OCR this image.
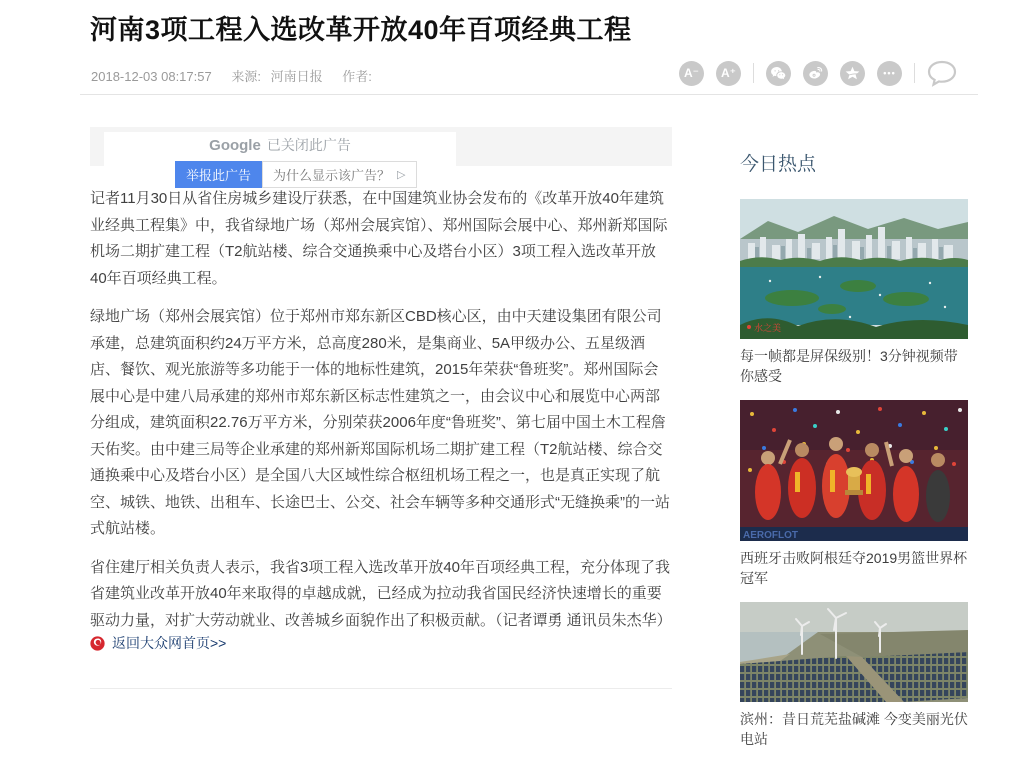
河南3项工程入选改革开放40年百项经典工程
2018-12-03 08:17:57 来源: 河南日报 作者:	A⁻	A⁺	•••
Google 已关闭此广告
举报此广告	为什么显示该广告？ ▷

记者11月30日从省住房城乡建设厅获悉，在中国建筑业协会发布的《改革开放40年建筑业经典工程集》中，我省绿地广场（郑州会展宾馆）、郑州国际会展中心、郑州新郑国际机场二期扩建工程（T2航站楼、综合交通换乘中心及塔台小区）3项工程入选改革开放40年百项经典工程。

绿地广场（郑州会展宾馆）位于郑州市郑东新区CBD核心区，由中天建设集团有限公司承建，总建筑面积约24万平方米，总高度280米，是集商业、5A甲级办公、五星级酒店、餐饮、观光旅游等多功能于一体的地标性建筑，2015年荣获“鲁班奖”。郑州国际会展中心是中建八局承建的郑州市郑东新区标志性建筑之一，由会议中心和展览中心两部分组成，建筑面积22.76万平方米，分别荣获2006年度“鲁班奖”、第七届中国土木工程詹天佑奖。由中建三局等企业承建的郑州新郑国际机场二期扩建工程（T2航站楼、综合交通换乘中心及塔台小区）是全国八大区域性综合枢纽机场工程之一，也是真正实现了航空、城铁、地铁、出租车、长途巴士、公交、社会车辆等多种交通形式“无缝换乘”的一站式航站楼。

省住建厅相关负责人表示，我省3项工程入选改革开放40年百项经典工程，充分体现了我省建筑业改革开放40年来取得的卓越成就，已经成为拉动我省国民经济快速增长的重要驱动力量，对扩大劳动就业、改善城乡面貌作出了积极贡献。（记者谭勇 通讯员朱杰华）

返回大众网首页>>
今日热点
水之美
每一帧都是屏保级别！3分钟视频带你感受
AEROFLOT
西班牙击败阿根廷夺2019男篮世界杯冠军
滨州：昔日荒芜盐碱滩 今变美丽光伏电站
